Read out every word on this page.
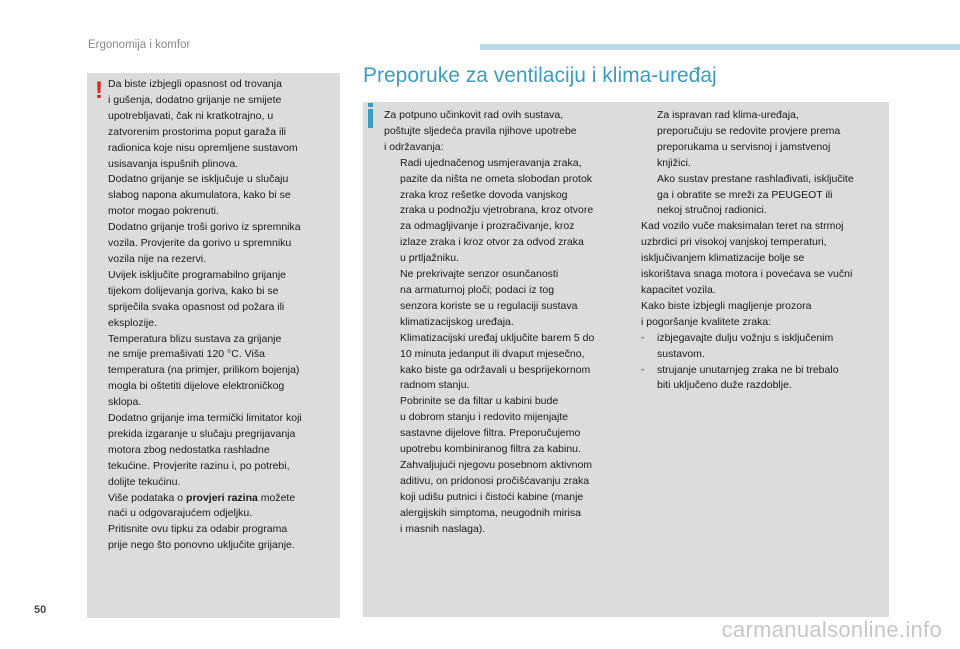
Ergonomija i komfor
! Da biste izbjegli opasnost od trovanja

i gušenja, dodatno grijanje ne smijete

upotrebljavati, čak ni kratkotrajno, u

zatvorenim prostorima poput garaža ili

radionica koje nisu opremljene sustavom

usisavanja ispušnih plinova.

Dodatno grijanje se isključuje u slučaju

slabog napona akumulatora, kako bi se

motor mogao pokrenuti.

Dodatno grijanje troši gorivo iz spremnika

vozila. Provjerite da gorivo u spremniku

vozila nije na rezervi.

Uvijek isključite programabilno grijanje

tijekom dolijevanja goriva, kako bi se

spriječila svaka opasnost od požara ili

eksplozije.

Temperatura blizu sustava za grijanje

ne smije premašivati 120 °C. Viša

temperatura (na primjer, prilikom bojenja)

mogla bi oštetiti dijelove elektroničkog

sklopa.

Dodatno grijanje ima termički limitator koji

prekida izgaranje u slučaju pregrijavanja

motora zbog nedostatka rashladne

tekućine. Provjerite razinu i, po potrebi,

dolijte tekućinu.

Više podataka o provjeri razina možete

naći u odgovarajućem odjeljku.

Pritisnite ovu tipku za odabir programa

prije nego što ponovno uključite grijanje.

Preporuke za ventilaciju i klima-uređaj

Za potpuno učinkovit rad ovih sustava,

poštujte sljedeća pravila njihove upotrebe

i održavanja:

Radi ujednačenog usmjeravanja zraka,

pazite da ništa ne ometa slobodan protok

zraka kroz rešetke dovoda vanjskog

zraka u podnožju vjetrobrana, kroz otvore

za odmagljivanje i prozračivanje, kroz

izlaze zraka i kroz otvor za odvod zraka

u prtljažniku.

Ne prekrivajte senzor osunčanosti

na armaturnoj ploči; podaci iz tog

senzora koriste se u regulaciji sustava

klimatizacijskog uređaja.

Klimatizacijski uređaj uključite barem 5 do

10 minuta jedanput ili dvaput mjesečno,

kako biste ga održavali u besprijekornom

radnom stanju.

Pobrinite se da filtar u kabini bude

u dobrom stanju i redovito mijenjajte

sastavne dijelove filtra. Preporučujemo

upotrebu kombiniranog filtra za kabinu.

Zahvaljujući njegovu posebnom aktivnom

aditivu, on pridonosi pročišćavanju zraka

koji udišu putnici i čistoći kabine (manje

alergijskih simptoma, neugodnih mirisa

i masnih naslaga).

Za ispravan rad klima-uređaja,

preporučuju se redovite provjere prema

preporukama u servisnoj i jamstvenoj

knjižici.

Ako sustav prestane rashlađivati, isključite

ga i obratite se mreži za PEUGEOT ili

nekoj stručnoj radionici.

Kad vozilo vuče maksimalan teret na strmoj

uzbrdici pri visokoj vanjskoj temperaturi,

isključivanjem klimatizacije bolje se

iskorištava snaga motora i povećava se vučni

kapacitet vozila.

Kako biste izbjegli magljenje prozora

i pogoršanje kvalitete zraka:

- izbjegavajte dulju vožnju s isključenim

sustavom.

- strujanje unutarnjeg zraka ne bi trebalo

biti uključeno duže razdoblje.

50
carmanualsonline.info
